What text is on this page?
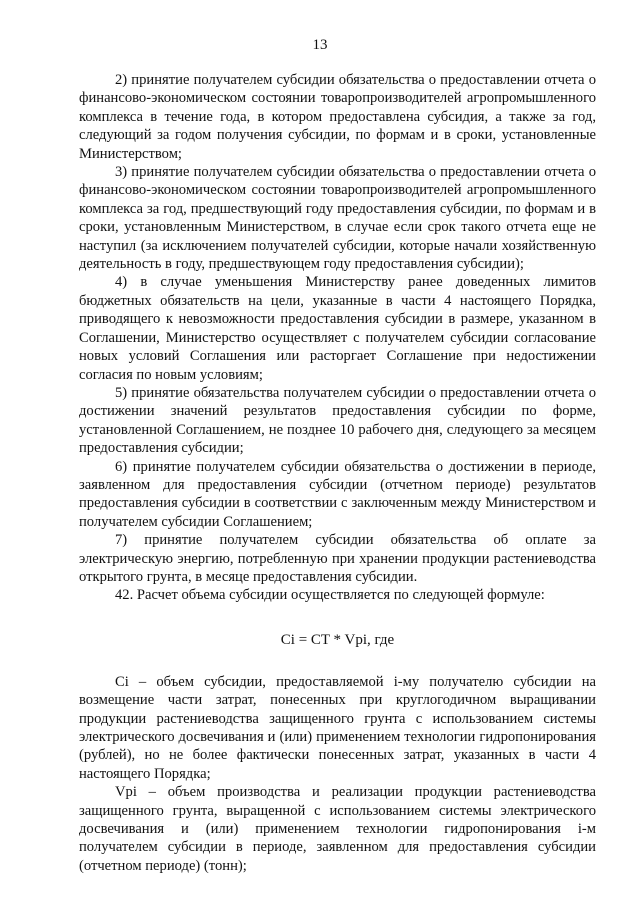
13

2) принятие получателем субсидии обязательства о предоставлении отчета о финансово-экономическом состоянии товаропроизводителей агропромышленного комплекса в течение года, в котором предоставлена субсидия, а также за год, следующий за годом получения субсидии, по формам и в сроки, установленные Министерством;

3) принятие получателем субсидии обязательства о предоставлении отчета о финансово-экономическом состоянии товаропроизводителей агропромышленного комплекса за год, предшествующий году предоставления субсидии, по формам и в сроки, установленным Министерством, в случае если срок такого отчета еще не наступил (за исключением получателей субсидии, которые начали хозяйственную деятельность в году, предшествующем году предоставления субсидии);

4) в случае уменьшения Министерству ранее доведенных лимитов бюджетных обязательств на цели, указанные в части 4 настоящего Порядка, приводящего к невозможности предоставления субсидии в размере, указанном в Соглашении, Министерство осуществляет с получателем субсидии согласование новых условий Соглашения или расторгает Соглашение при недостижении согласия по новым условиям;

5) принятие обязательства получателем субсидии о предоставлении отчета о достижении значений результатов предоставления субсидии по форме, установленной Соглашением, не позднее 10 рабочего дня, следующего за месяцем предоставления субсидии;

6) принятие получателем субсидии обязательства о достижении в периоде, заявленном для предоставления субсидии (отчетном периоде) результатов предоставления субсидии в соответствии с заключенным между Министерством и получателем субсидии Соглашением;

7) принятие получателем субсидии обязательства об оплате за электрическую энергию, потребленную при хранении продукции растениеводства открытого грунта, в месяце предоставления субсидии.

42. Расчет объема субсидии осуществляется по следующей формуле:

Ci = CT * Vpi, где

Ci – объем субсидии, предоставляемой i-му получателю субсидии на возмещение части затрат, понесенных при круглогодичном выращивании продукции растениеводства защищенного грунта с использованием системы электрического досвечивания и (или) применением технологии гидропонирования (рублей), но не более фактически понесенных затрат, указанных в части 4 настоящего Порядка;

Vpi – объем производства и реализации продукции растениеводства защищенного грунта, выращенной с использованием системы электрического досвечивания и (или) применением технологии гидропонирования i-м получателем субсидии в периоде, заявленном для предоставления субсидии (отчетном периоде) (тонн);
